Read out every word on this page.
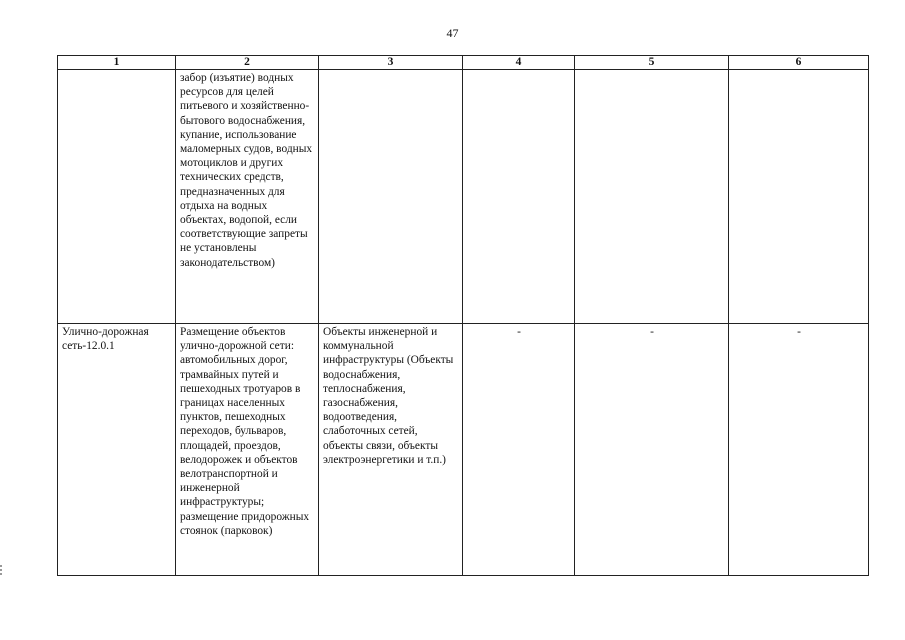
47
1	2	3	4	5	6
	забор (изъятие) водных ресурсов для целей питьевого и хозяйственно-бытового водоснабжения, купание, использование маломерных судов, водных мотоциклов и других технических средств, предназначенных для отдыха на водных объектах, водопой, если соответствующие запреты не установлены законодательством)				
Улично-дорожная сеть-12.0.1	Размещение объектов улично-дорожной сети: автомобильных дорог, трамвайных путей и пешеходных тротуаров в границах населенных пунктов, пешеходных переходов, бульваров, площадей, проездов, велодорожек и объектов велотранспортной и инженерной инфраструктуры; размещение придорожных стоянок (парковок)	Объекты инженерной и коммунальной инфраструктуры (Объекты водоснабжения, теплоснабжения, газоснабжения, водоотведения, слаботочных сетей, объекты связи, объекты электроэнергетики и т.п.)	-	-	-
